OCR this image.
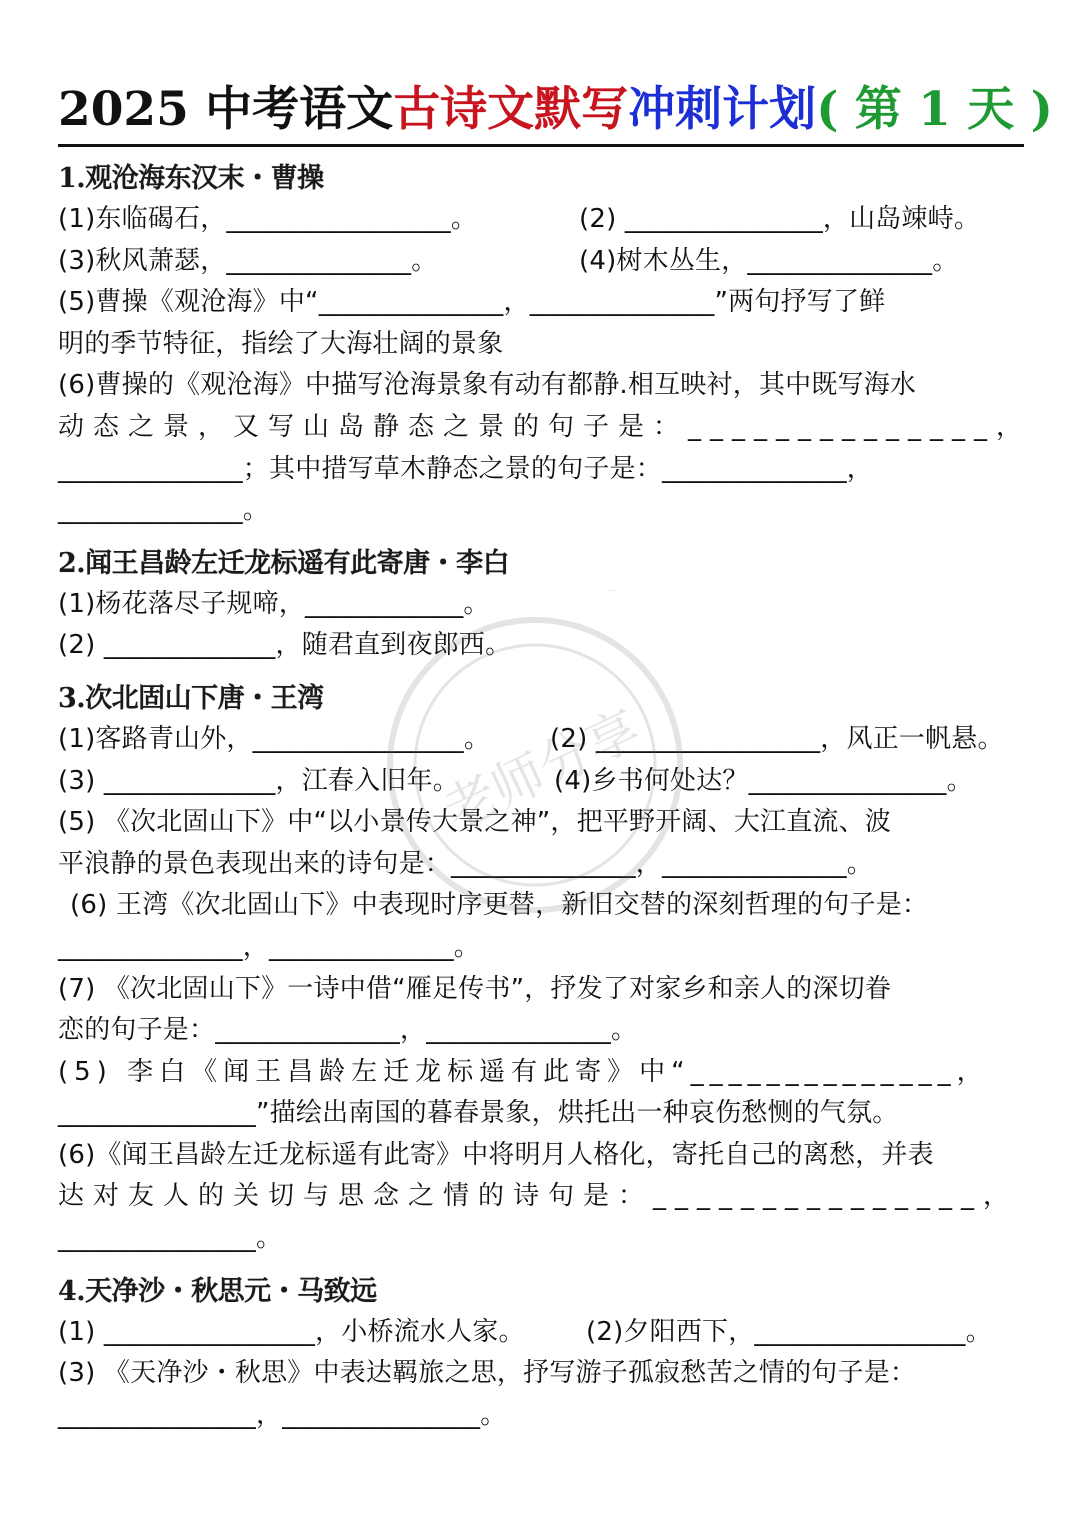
2025 中考语文古诗文默写冲刺计划( 第 1 天 )
1.观沧海东汉末・曹操
(1)东临碣石，_________________。	(2) _______________，山岛竦峙。
(3)秋风萧瑟，______________。	(4)树木丛生，______________。
(5)曹操《观沧海》中“______________，______________”两句抒写了鲜
明的季节特征，指绘了大海壮阔的景象
(6)曹操的《观沧海》中描写沧海景象有动有都静.相互映衬，其中既写海水
动态之景，又写山岛静态之景的句子是：______________，
______________；其中措写草木静态之景的句子是：______________，
______________。
2.闻王昌龄左迁龙标遥有此寄唐・李白
(1)杨花落尽子规啼，____________。
(2) _____________，随君直到夜郎西。
3.次北固山下唐・王湾
(1)客路青山外，________________。 (2) _________________，风正一帆悬。
(3) _____________，江春入旧年。	(4)乡书何处达？_______________。
(5) 《次北固山下》中“以小景传大景之神”，把平野开阔、大江直流、波
平浪静的景色表现出来的诗句是：______________，______________。
(6) 王湾《次北固山下》中表现时序更替，新旧交替的深刻哲理的句子是：
______________，______________。
(7) 《次北固山下》一诗中借“雁足传书”，抒发了对家乡和亲人的深切眷
恋的句子是：______________，______________。
(5) 李白《闻王昌龄左迁龙标遥有此寄》中“______________，
_______________”描绘出南国的暮春景象，烘托出一种哀伤愁恻的气氛。
(6)《闻王昌龄左迁龙标遥有此寄》中将明月人格化，寄托自己的离愁，并表
达对友人的关切与思念之情的诗句是：_______________，
_______________。
4.天净沙・秋思元・马致远
(1) ________________，小桥流水人家。 (2)夕阳西下，________________。
(3) 《天净沙・秋思》中表达羁旅之思，抒写游子孤寂愁苦之情的句子是：
_______________，_______________。
老师分享
